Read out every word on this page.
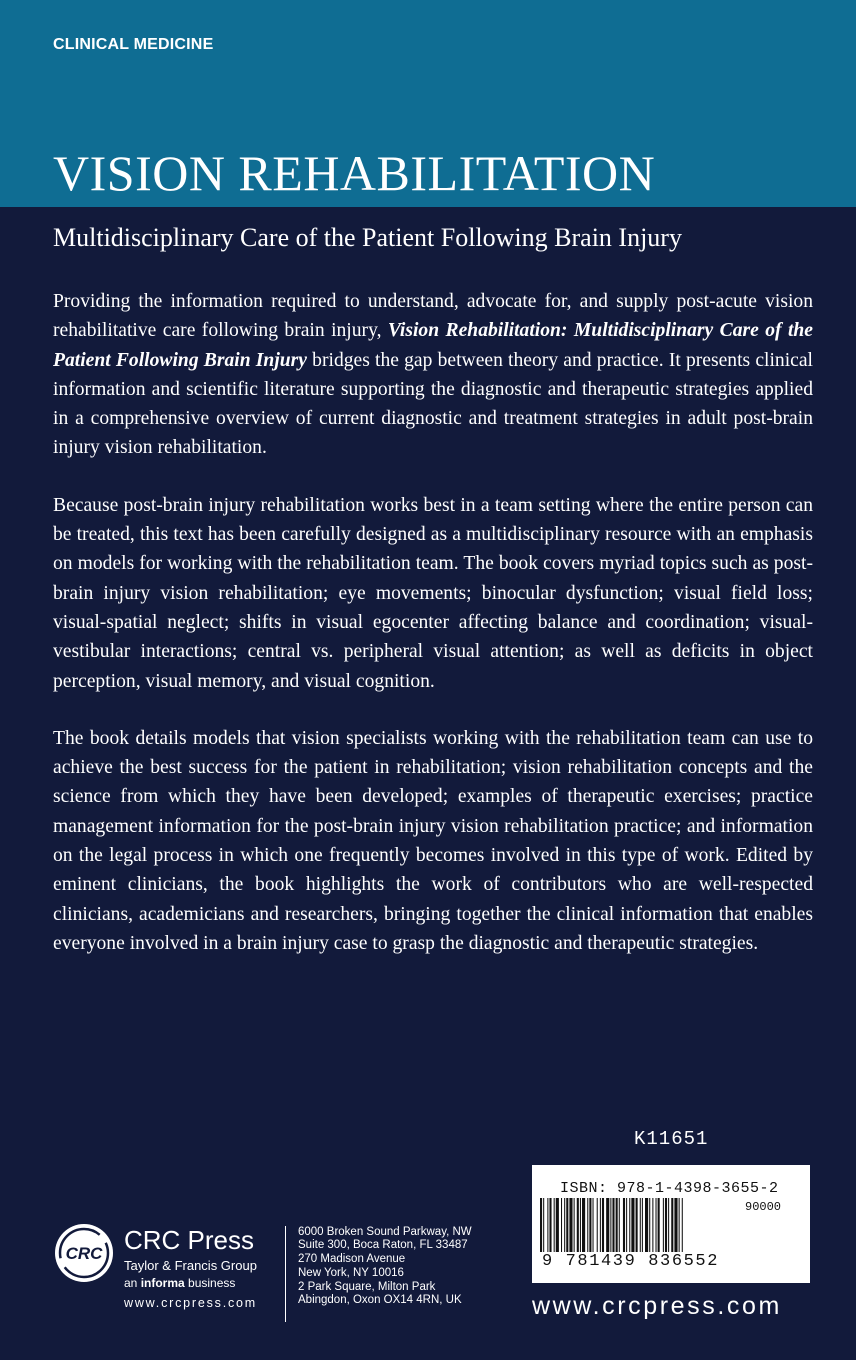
CLINICAL MEDICINE
VISION REHABILITATION
Multidisciplinary Care of the Patient Following Brain Injury

Providing the information required to understand, advocate for, and supply post-acute vision rehabilitative care following brain injury, Vision Rehabilitation: Multidisciplinary Care of the Patient Following Brain Injury bridges the gap between theory and practice. It presents clinical information and scientific literature supporting the diagnostic and therapeutic strategies applied in a comprehensive overview of current diagnostic and treatment strategies in adult post-brain injury vision rehabilitation.

Because post-brain injury rehabilitation works best in a team setting where the entire person can be treated, this text has been carefully designed as a multidisciplinary resource with an emphasis on models for working with the rehabilitation team. The book covers myriad topics such as post-brain injury vision rehabilitation; eye movements; binocular dysfunction; visual field loss; visual-spatial neglect; shifts in visual egocenter affecting balance and coordination; visual-vestibular interactions; central vs. peripheral visual attention; as well as deficits in object perception, visual memory, and visual cognition.

The book details models that vision specialists working with the rehabilitation team can use to achieve the best success for the patient in rehabilitation; vision rehabilitation concepts and the science from which they have been developed; examples of therapeutic exercises; practice management information for the post-brain injury vision rehabilitation practice; and information on the legal process in which one frequently becomes involved in this type of work. Edited by eminent clinicians, the book highlights the work of contributors who are well-respected clinicians, academicians and researchers, bringing together the clinical information that enables everyone involved in a brain injury case to grasp the diagnostic and therapeutic strategies.

K11651
ISBN: 978-1-4398-3655-2
90000
9 781439 836552
www.crcpress.com
CRC CRC Press
Taylor & Francis Group
an informa business
www.crcpress.com
6000 Broken Sound Parkway, NW
Suite 300, Boca Raton, FL 33487
270 Madison Avenue
New York, NY 10016
2 Park Square, Milton Park
Abingdon, Oxon OX14 4RN, UK
